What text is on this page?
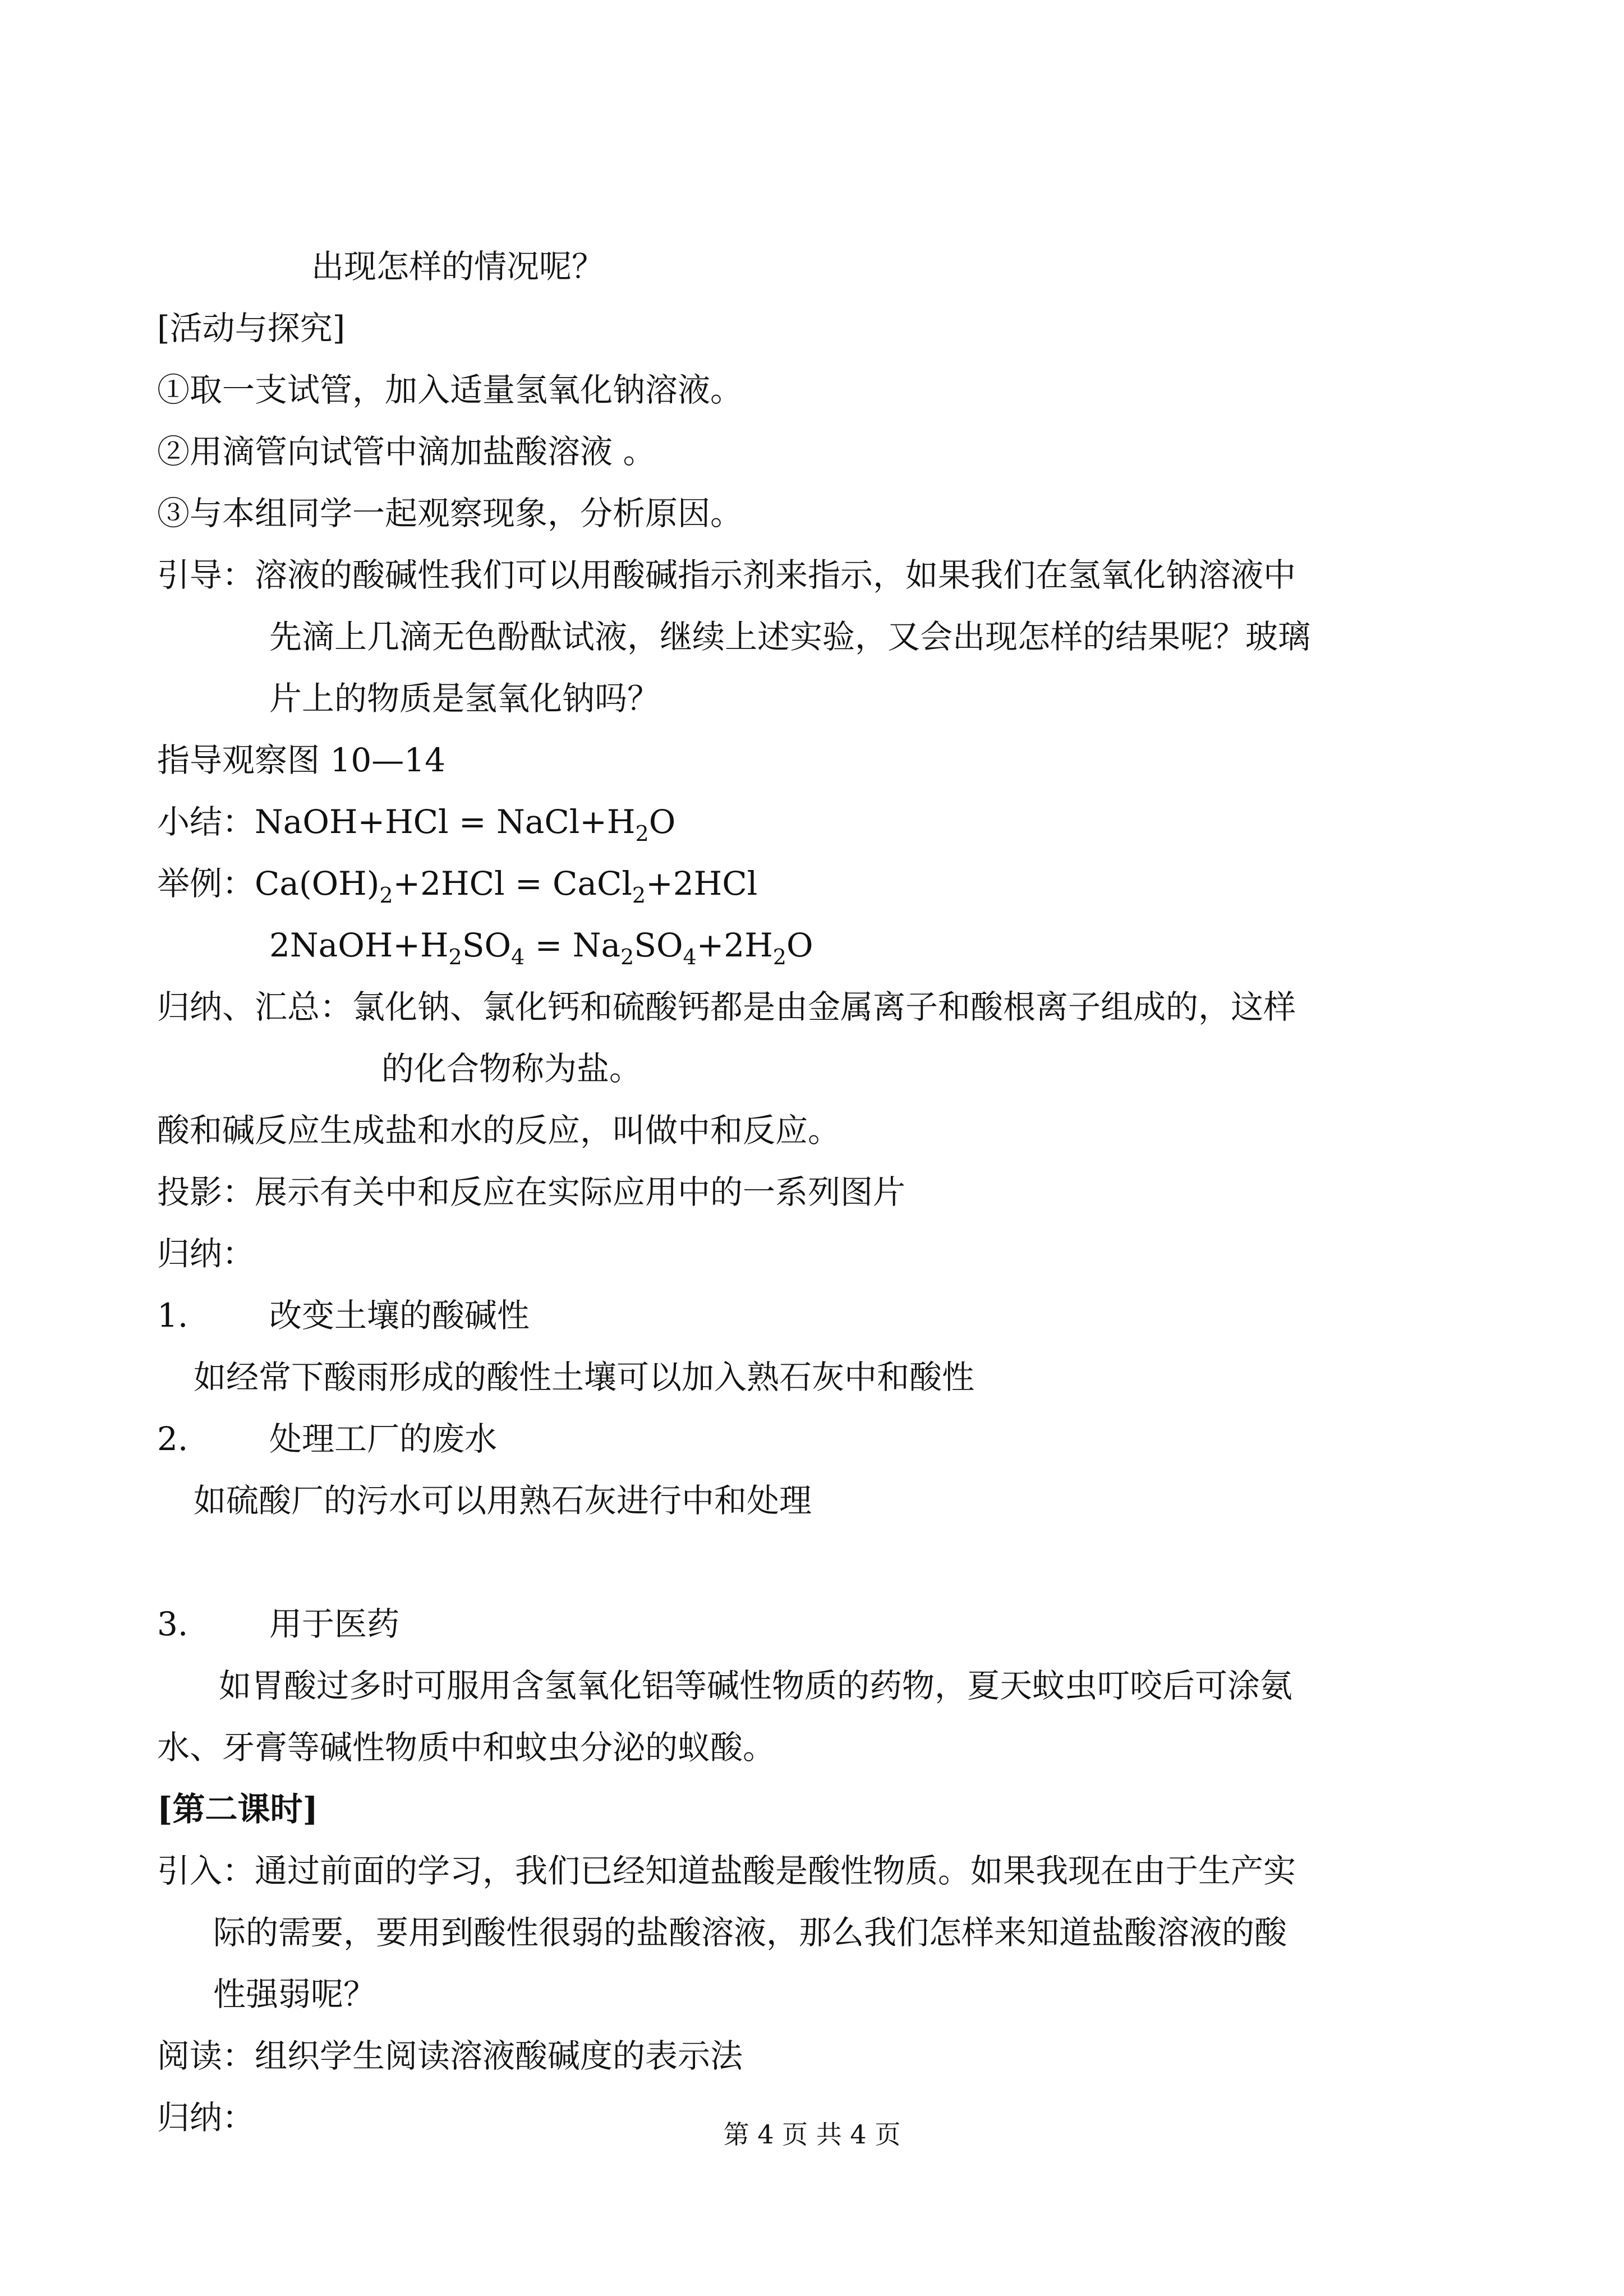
出现怎样的情况呢？
[活动与探究]
①取一支试管，加入适量氢氧化钠溶液。
②用滴管向试管中滴加盐酸溶液 。
③与本组同学一起观察现象，分析原因。
引导：溶液的酸碱性我们可以用酸碱指示剂来指示，如果我们在氢氧化钠溶液中
先滴上几滴无色酚酞试液，继续上述实验，又会出现怎样的结果呢？玻璃
片上的物质是氢氧化钠吗？
指导观察图 10—14
小结：NaOH+HCl = $NaCl+H_2O$
举例：$Ca(OH)_2+2HCl$ = CaCl$_2$+2HCl
$2NaOH+H_2SO_4 = Na_2SO_4+2H_2O$
归纳、汇总：氯化钠、氯化钙和硫酸钙都是由金属离子和酸根离子组成的，这样
的化合物称为盐。
酸和碱反应生成盐和水的反应，叫做中和反应。
投影：展示有关中和反应在实际应用中的一系列图片
归纳：
1. 改变土壤的酸碱性
如经常下酸雨形成的酸性土壤可以加入熟石灰中和酸性
2. 处理工厂的废水
如硫酸厂的污水可以用熟石灰进行中和处理
3. 用于医药
如胃酸过多时可服用含氢氧化铝等碱性物质的药物，夏天蚊虫叮咬后可涂氨
水、牙膏等碱性物质中和蚊虫分泌的蚁酸。
[第二课时]
引入：通过前面的学习，我们已经知道盐酸是酸性物质。如果我现在由于生产实
际的需要，要用到酸性很弱的盐酸溶液，那么我们怎样来知道盐酸溶液的酸
性强弱呢？
阅读：组织学生阅读溶液酸碱度的表示法
归纳：	第 4 页 共 4 页
